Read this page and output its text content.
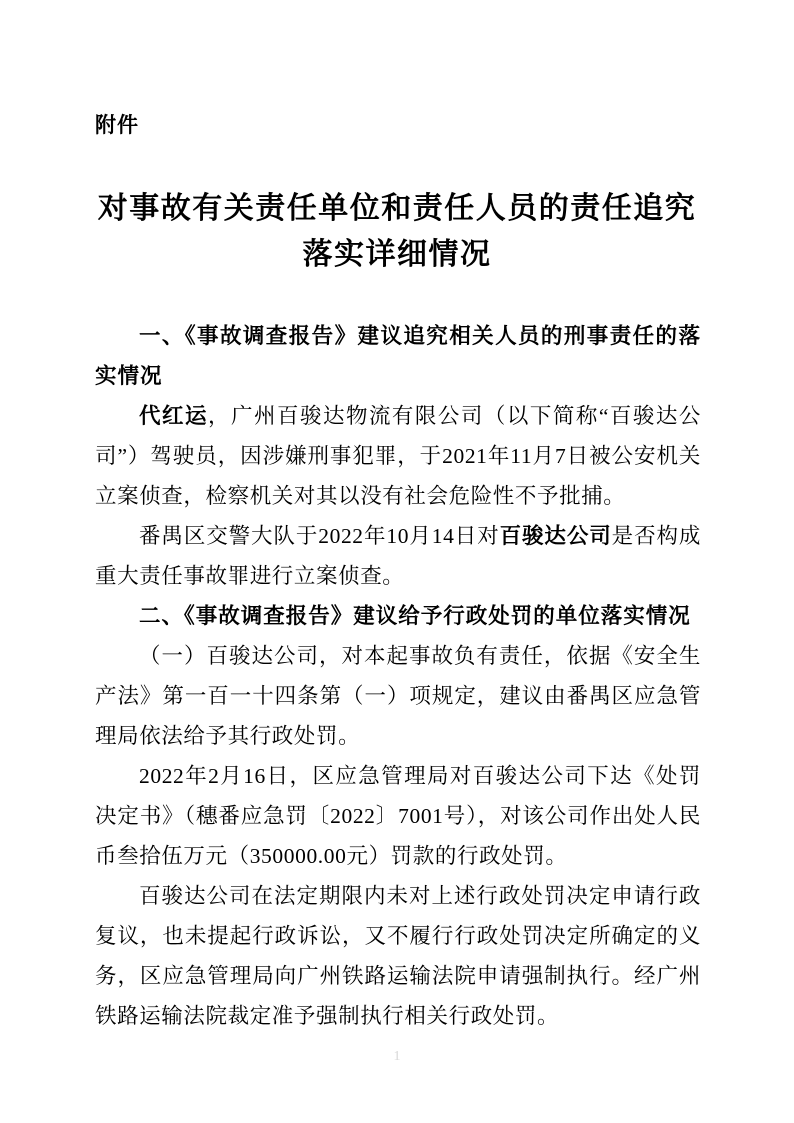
附件
对事故有关责任单位和责任人员的责任追究
落实详细情况

一、《事故调查报告》建议追究相关人员的刑事责任的落实情况

代红运，广州百骏达物流有限公司（以下简称“百骏达公司”）驾驶员，因涉嫌刑事犯罪，于2021年11月7日被公安机关立案侦查，检察机关对其以没有社会危险性不予批捕。

番禺区交警大队于2022年10月14日对百骏达公司是否构成重大责任事故罪进行立案侦查。

二、《事故调查报告》建议给予行政处罚的单位落实情况

（一）百骏达公司，对本起事故负有责任，依据《安全生产法》第一百一十四条第（一）项规定，建议由番禺区应急管理局依法给予其行政处罚。

2022年2月16日，区应急管理局对百骏达公司下达《处罚决定书》（穗番应急罚〔2022〕7001号），对该公司作出处人民币叁拾伍万元（350000.00元）罚款的行政处罚。

百骏达公司在法定期限内未对上述行政处罚决定申请行政复议，也未提起行政诉讼，又不履行行政处罚决定所确定的义务，区应急管理局向广州铁路运输法院申请强制执行。经广州铁路运输法院裁定准予强制执行相关行政处罚。

1
